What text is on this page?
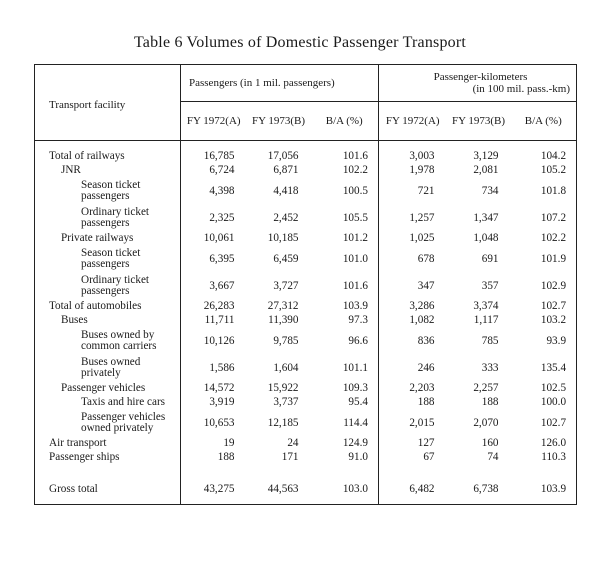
Table 6 Volumes of Domestic Passenger Transport
Transport facility	Passengers (in 1 mil. passengers)			Passenger-kilometers
(in 100 mil. pass.-km)		

	FY 1972(A)	FY 1973(B)	B/A (%)	FY 1972(A)	FY 1973(B)	B/A (%)
Total of railways	16,785	17,056	101.6	3,003	3,129	104.2
JNR	6,724	6,871	102.2	1,978	2,081	105.2
Season ticket passengers	4,398	4,418	100.5	721	734	101.8
Ordinary ticket passengers	2,325	2,452	105.5	1,257	1,347	107.2
Private railways	10,061	10,185	101.2	1,025	1,048	102.2
Season ticket passengers	6,395	6,459	101.0	678	691	101.9
Ordinary ticket passengers	3,667	3,727	101.6	347	357	102.9
Total of automobiles	26,283	27,312	103.9	3,286	3,374	102.7
Buses	11,711	11,390	97.3	1,082	1,117	103.2
Buses owned by common carriers	10,126	9,785	96.6	836	785	93.9
Buses owned privately	1,586	1,604	101.1	246	333	135.4
Passenger vehicles	14,572	15,922	109.3	2,203	2,257	102.5
Taxis and hire cars	3,919	3,737	95.4	188	188	100.0
Passenger vehicles owned privately	10,653	12,185	114.4	2,015	2,070	102.7
Air transport	19	24	124.9	127	160	126.0
Passenger ships	188	171	91.0	67	74	110.3

Gross total	43,275	44,563	103.0	6,482	6,738	103.9
